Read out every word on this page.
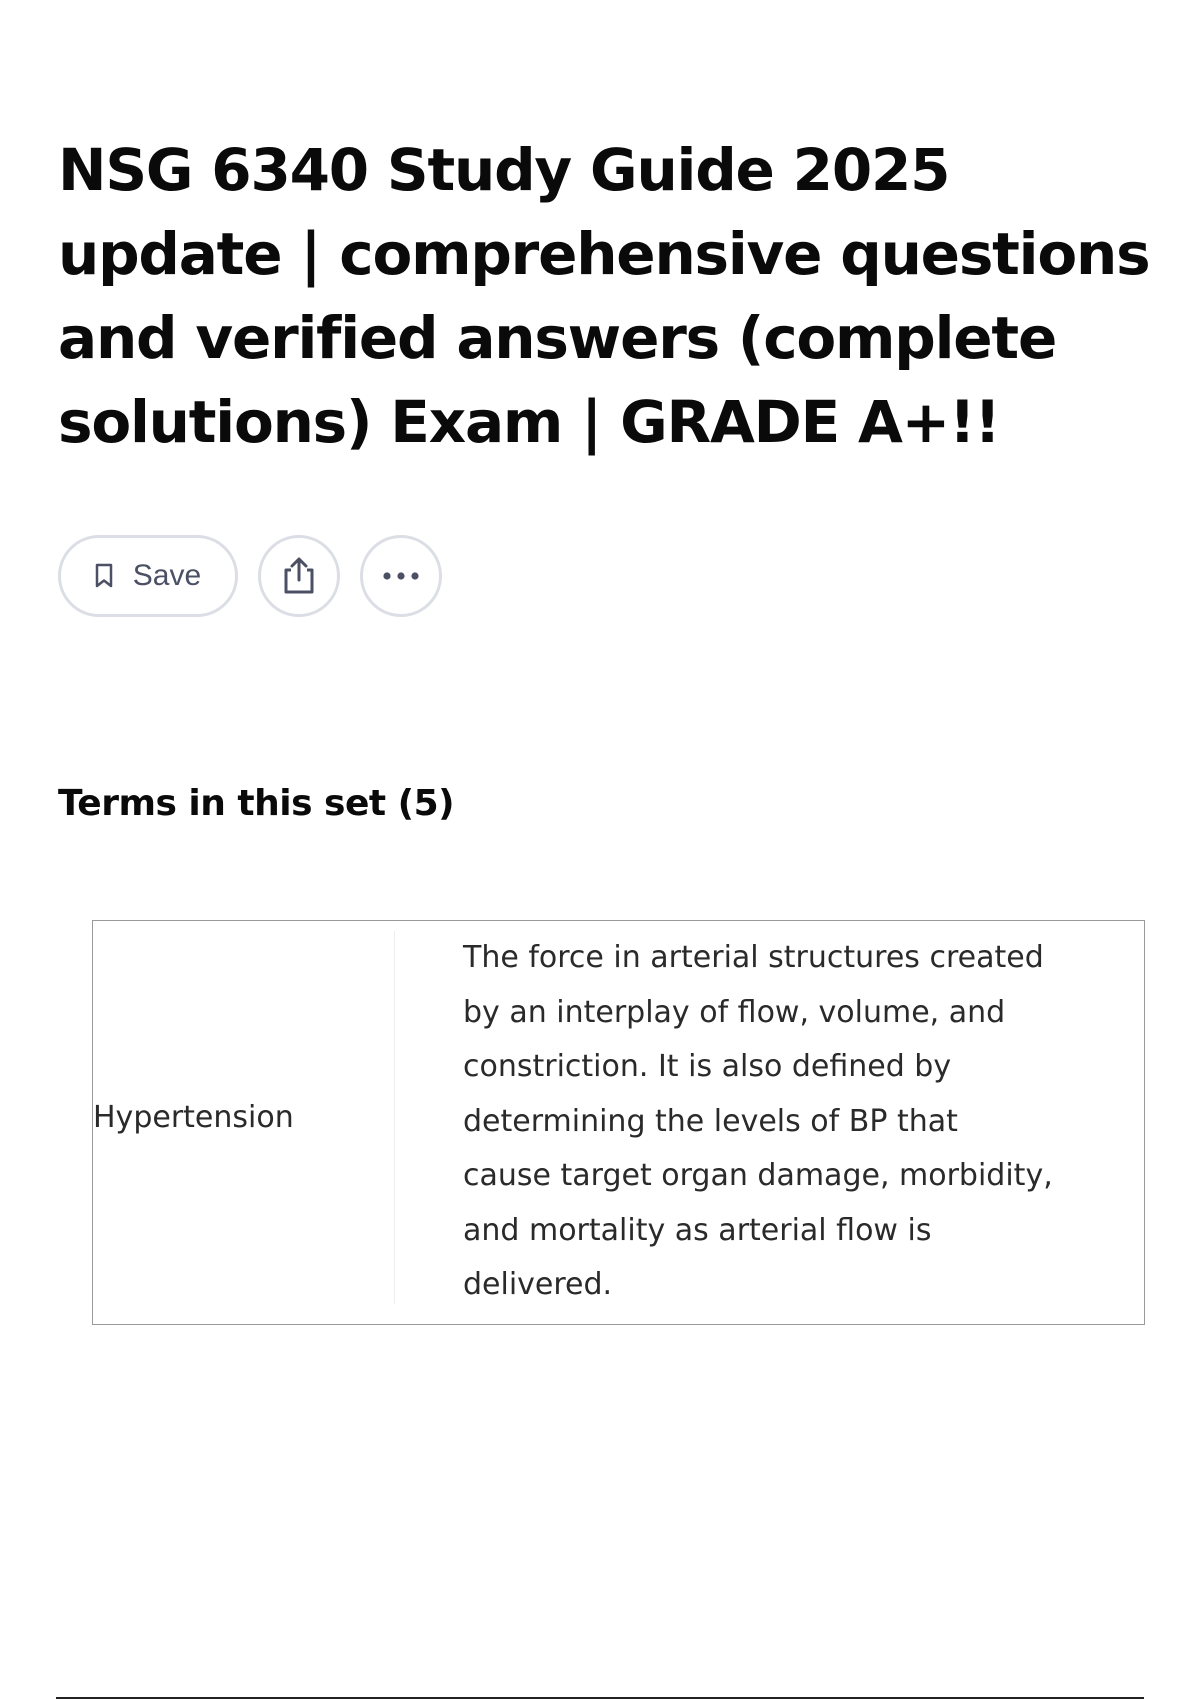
NSG 6340 Study Guide 2025 update | comprehensive questions and verified answers (complete solutions) Exam | GRADE A+!!
Save
Terms in this set (5)
Hypertension
The force in arterial structures created by an interplay of flow, volume, and constriction. It is also defined by determining the levels of BP that cause target organ damage, morbidity, and mortality as arterial flow is delivered.
